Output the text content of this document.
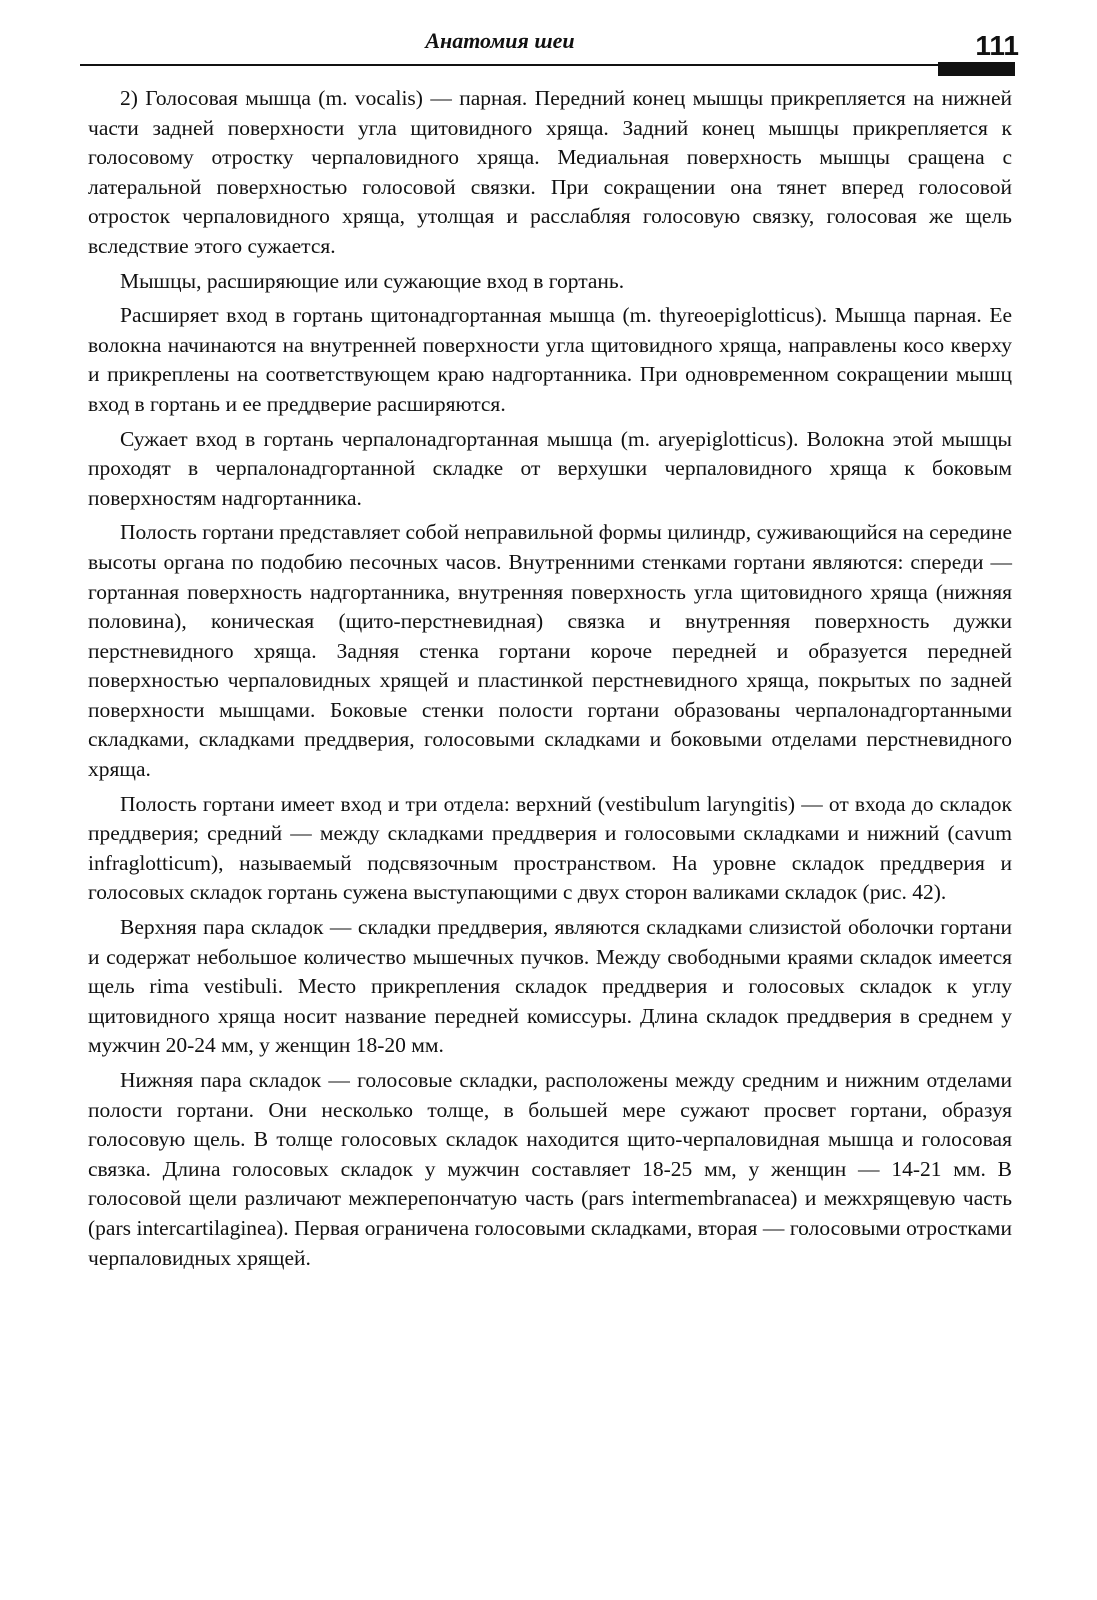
Анатомия шеи	111

2) Голосовая мышца (m. vocalis) — парная. Передний конец мышцы прикрепляется на нижней части задней поверхности угла щитовидного хряща. Задний конец мышцы прикрепляется к голосовому отростку черпаловидного хряща. Медиальная поверхность мышцы сращена с латеральной поверхностью голосовой связки. При сокращении она тянет вперед голосовой отросток черпаловидного хряща, утолщая и расслабляя голосовую связку, голосовая же щель вследствие этого сужается.

Мышцы, расширяющие или сужающие вход в гортань.

Расширяет вход в гортань щитонадгортанная мышца (m. thyreoepiglotticus). Мышца парная. Ее волокна начинаются на внутренней поверхности угла щитовидного хряща, направлены косо кверху и прикреплены на соответствующем краю надгортанника. При одновременном сокращении мышц вход в гортань и ее преддверие расширяются.

Сужает вход в гортань черпалонадгортанная мышца (m. aryepiglotticus). Волокна этой мышцы проходят в черпалонадгортанной складке от верхушки черпаловидного хряща к боковым поверхностям надгортанника.

Полость гортани представляет собой неправильной формы цилиндр, суживающийся на середине высоты органа по подобию песочных часов. Внутренними стенками гортани являются: спереди — гортанная поверхность надгортанника, внутренняя поверхность угла щитовидного хряща (нижняя половина), коническая (щито-перстневидная) связка и внутренняя поверхность дужки перстневидного хряща. Задняя стенка гортани короче передней и образуется передней поверхностью черпаловидных хрящей и пластинкой перстневидного хряща, покрытых по задней поверхности мышцами. Боковые стенки полости гортани образованы черпалонадгортанными складками, складками преддверия, голосовыми складками и боковыми отделами перстневидного хряща.

Полость гортани имеет вход и три отдела: верхний (vestibulum laryngitis) — от входа до складок преддверия; средний — между складками преддверия и голосовыми складками и нижний (cavum infraglotticum), называемый подсвязочным пространством. На уровне складок преддверия и голосовых складок гортань сужена выступающими с двух сторон валиками складок (рис. 42).

Верхняя пара складок — складки преддверия, являются складками слизистой оболочки гортани и содержат небольшое количество мышечных пучков. Между свободными краями складок имеется щель rima vestibuli. Место прикрепления складок преддверия и голосовых складок к углу щитовидного хряща носит название передней комиссуры. Длина складок преддверия в среднем у мужчин 20-24 мм, у женщин 18-20 мм.

Нижняя пара складок — голосовые складки, расположены между средним и нижним отделами полости гортани. Они несколько толще, в большей мере сужают просвет гортани, образуя голосовую щель. В толще голосовых складок находится щито-черпаловидная мышца и голосовая связка. Длина голосовых складок у мужчин составляет 18-25 мм, у женщин — 14-21 мм. В голосовой щели различают межперепончатую часть (pars intermembranacea) и межхрящевую часть (pars intercartilaginea). Первая ограничена голосовыми складками, вторая — голосовыми отростками черпаловидных хрящей.
